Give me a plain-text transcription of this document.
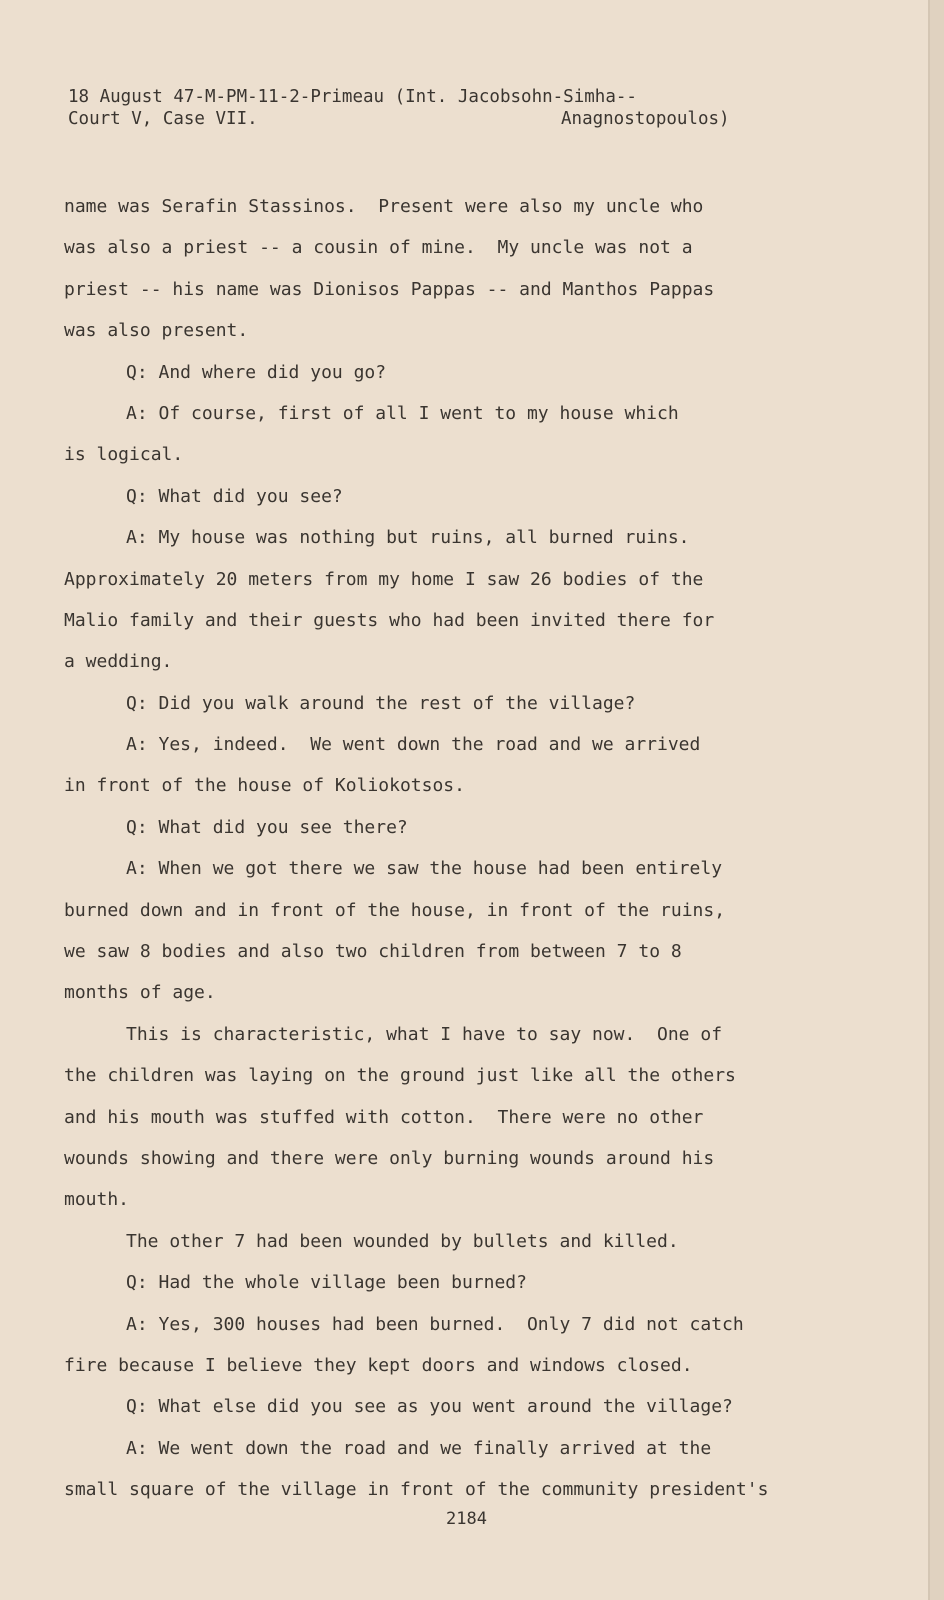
18 August 47-M-PM-11-2-Primeau (Int. Jacobsohn-Simha--
Court V, Case VII.	Anagnostopoulos)
name was Serafin Stassinos.  Present were also my uncle who
was also a priest -- a cousin of mine.  My uncle was not a
priest -- his name was Dionisos Pappas -- and Manthos Pappas
was also present.
Q: And where did you go?
A: Of course, first of all I went to my house which
is logical.
Q: What did you see?
A: My house was nothing but ruins, all burned ruins.
Approximately 20 meters from my home I saw 26 bodies of the
Malio family and their guests who had been invited there for
a wedding.
Q: Did you walk around the rest of the village?
A: Yes, indeed.  We went down the road and we arrived
in front of the house of Koliokotsos.
Q: What did you see there?
A: When we got there we saw the house had been entirely
burned down and in front of the house, in front of the ruins,
we saw 8 bodies and also two children from between 7 to 8
months of age.
This is characteristic, what I have to say now.  One of
the children was laying on the ground just like all the others
and his mouth was stuffed with cotton.  There were no other
wounds showing and there were only burning wounds around his
mouth.
The other 7 had been wounded by bullets and killed.
Q: Had the whole village been burned?
A: Yes, 300 houses had been burned.  Only 7 did not catch
fire because I believe they kept doors and windows closed.
Q: What else did you see as you went around the village?
A: We went down the road and we finally arrived at the
small square of the village in front of the community president's
2184
